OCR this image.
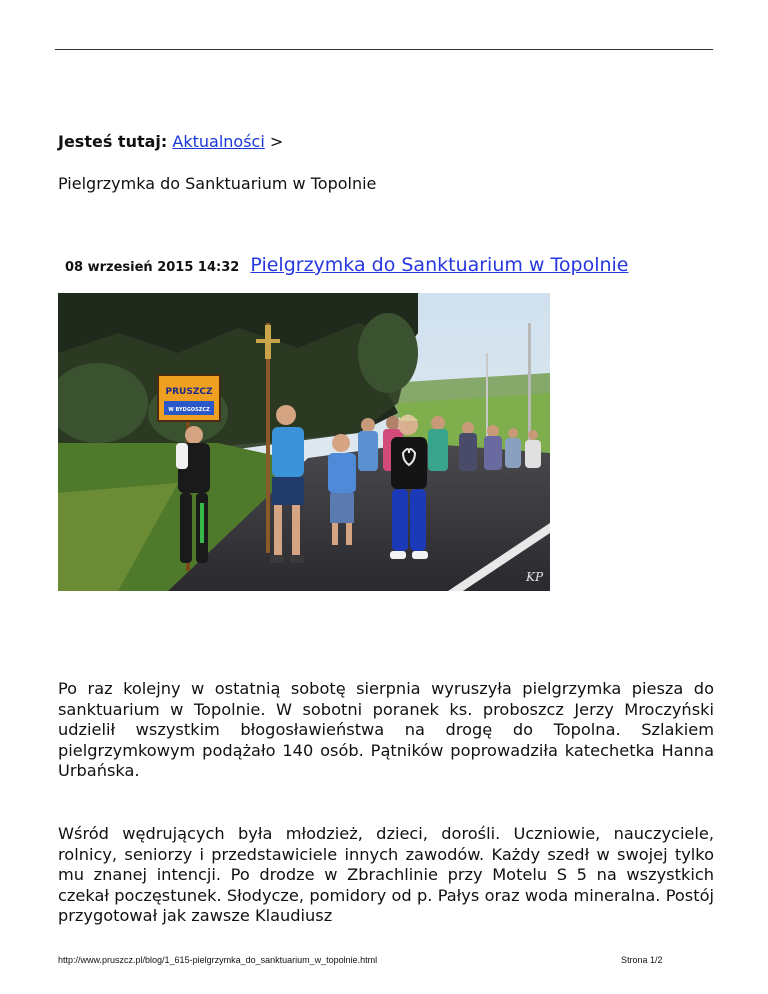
Jesteś tutaj: Aktualności >
Pielgrzymka do Sanktuarium w Topolnie
08 wrzesień 2015 14:32 Pielgrzymka do Sanktuarium w Topolnie
PRUSZCZ
W BYDGOSZCZ
KP

Po raz kolejny w ostatnią sobotę sierpnia wyruszyła pielgrzymka piesza do sanktuarium w Topolnie. W sobotni poranek ks. proboszcz Jerzy Mroczyński udzielił wszystkim błogosławieństwa na drogę do Topolna. Szlakiem pielgrzymkowym podążało 140 osób. Pątników poprowadziła katechetka Hanna Urbańska.

Wśród wędrujących była młodzież, dzieci, dorośli. Uczniowie, nauczyciele, rolnicy, seniorzy i przedstawiciele innych zawodów. Każdy szedł w swojej tylko mu znanej intencji. Po drodze w Zbrachlinie przy Motelu S 5 na wszystkich czekał poczęstunek. Słodycze, pomidory od p. Pałys oraz woda mineralna. Postój przygotował jak zawsze Klaudiusz

http://www.pruszcz.pl/blog/1_615-pielgrzymka_do_sanktuarium_w_topolnie.html	Strona 1/2
